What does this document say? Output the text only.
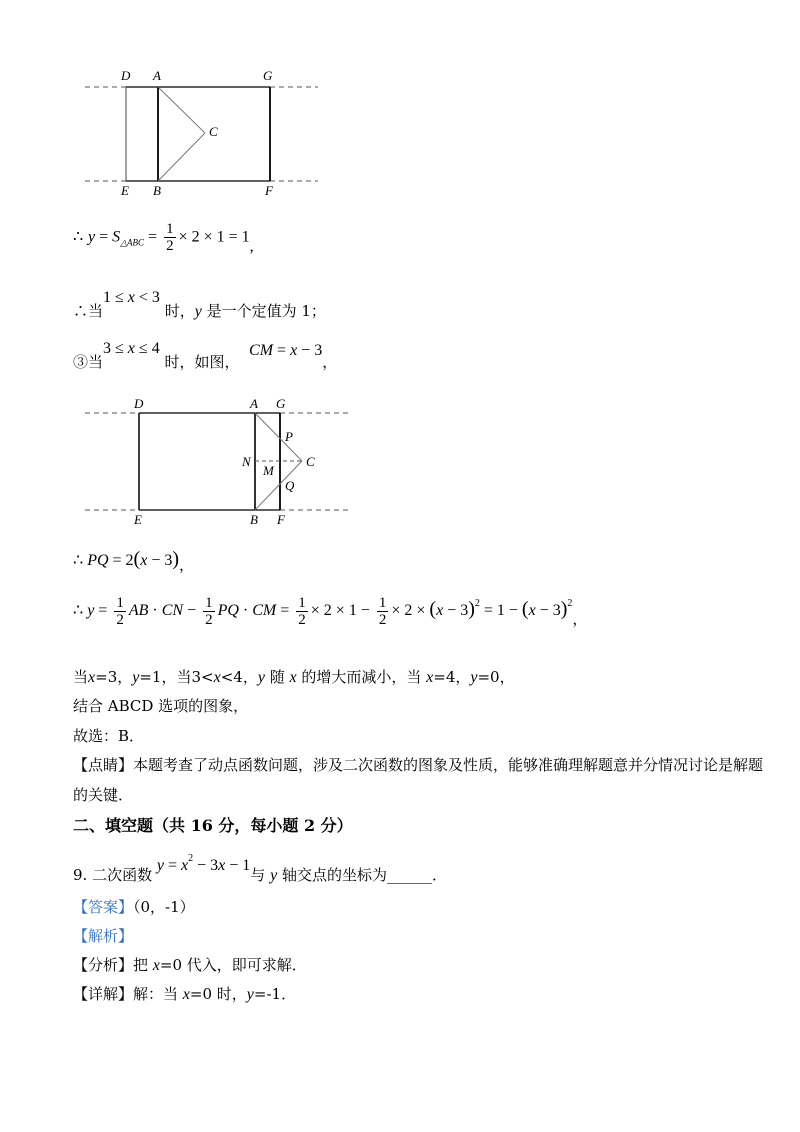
D A	G
C
E B	F
∴ $y = S_{\triangle ABC} = \frac{1}{2} \times 2 \times 1 = 1$,
∴当1 ≤ x < 3 时，y 是一个定值为 1；
③当3 ≤ x ≤ 4 时，如图，  CM = x − 3，
D	A G
P
N
M
C
Q
E	B F
∴ PQ = 2(x − 3)，
∴ $y = \frac{1}{2}$ AB · CN − $\frac{1}{2}$ PQ · CM = $\frac{1}{2} \times 2 \times 1 - \frac{1}{2} \times 2 \times (x - 3)^2 = 1 - (x - 3)^2$，
当x=3，y=1，当3<x<4，y 随 x 的增大而减小，当 x=4，y=0，
结合 ABCD 选项的图象，
故选：B．
【点睛】本题考查了动点函数问题，涉及二次函数的图象及性质，能够准确理解题意并分情况讨论是解题
的关键．
二、填空题（共 16 分，每小题 2 分）
9. 二次函数 $y = x^2 - 3x - 1$与 y 轴交点的坐标为______．
【答案】（0，-1）
【解析】
【分析】把 x=0 代入，即可求解．
【详解】解：当 x=0 时，y=-1．
